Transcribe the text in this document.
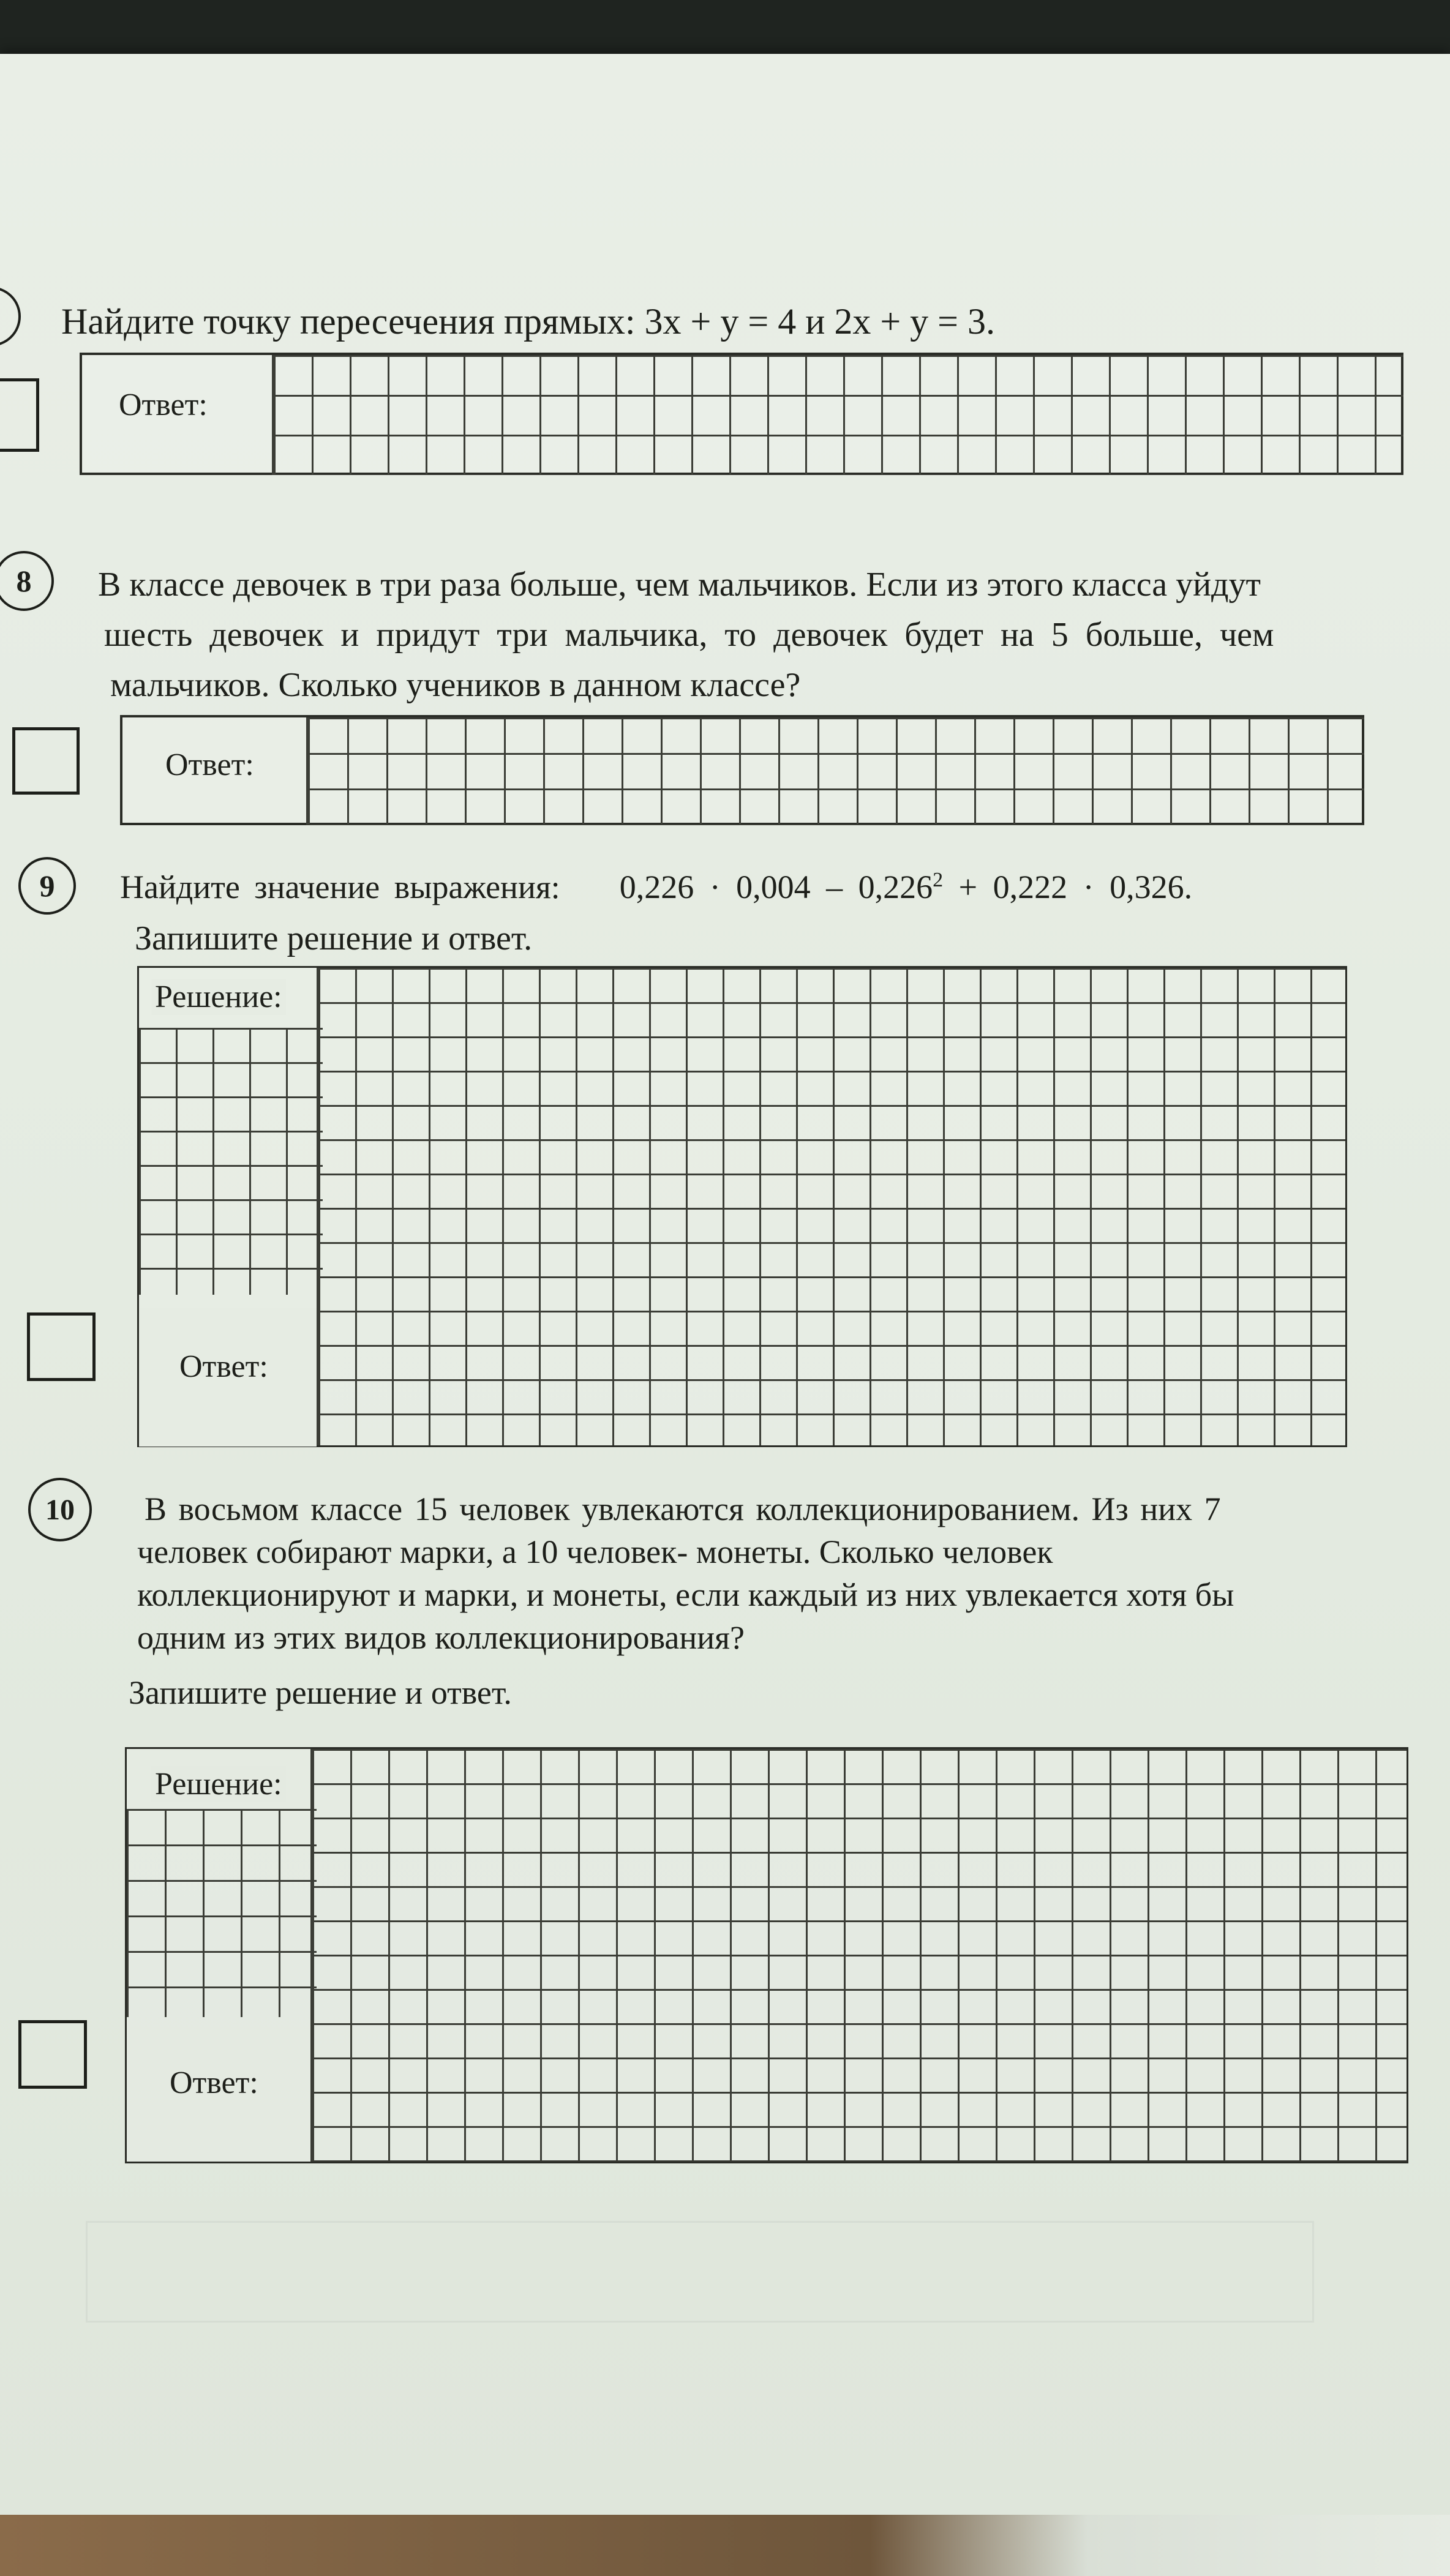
Найдите точку пересечения прямых: 3x + y = 4 и 2x + y = 3.
Ответ:
8	В классе девочек в три раза больше, чем мальчиков. Если из этого класса уйдут
шесть девочек и придут три мальчика, то девочек будет на 5 больше, чем
мальчиков. Сколько учеников в данном классе?
Ответ:
9	Найдите значение выражения: $0,226 \cdot 0,004 - 0,226^2 + 0,222 \cdot 0,326$.
Запишите решение и ответ.
Решение:
Ответ:
10	В восьмом классе 15 человек увлекаются коллекционированием. Из них 7
человек собирают марки, а 10 человек- монеты. Сколько человек
коллекционируют и марки, и монеты, если каждый из них увлекается хотя бы
одним из этих видов коллекционирования?
Запишите решение и ответ.
Решение:
Ответ:
